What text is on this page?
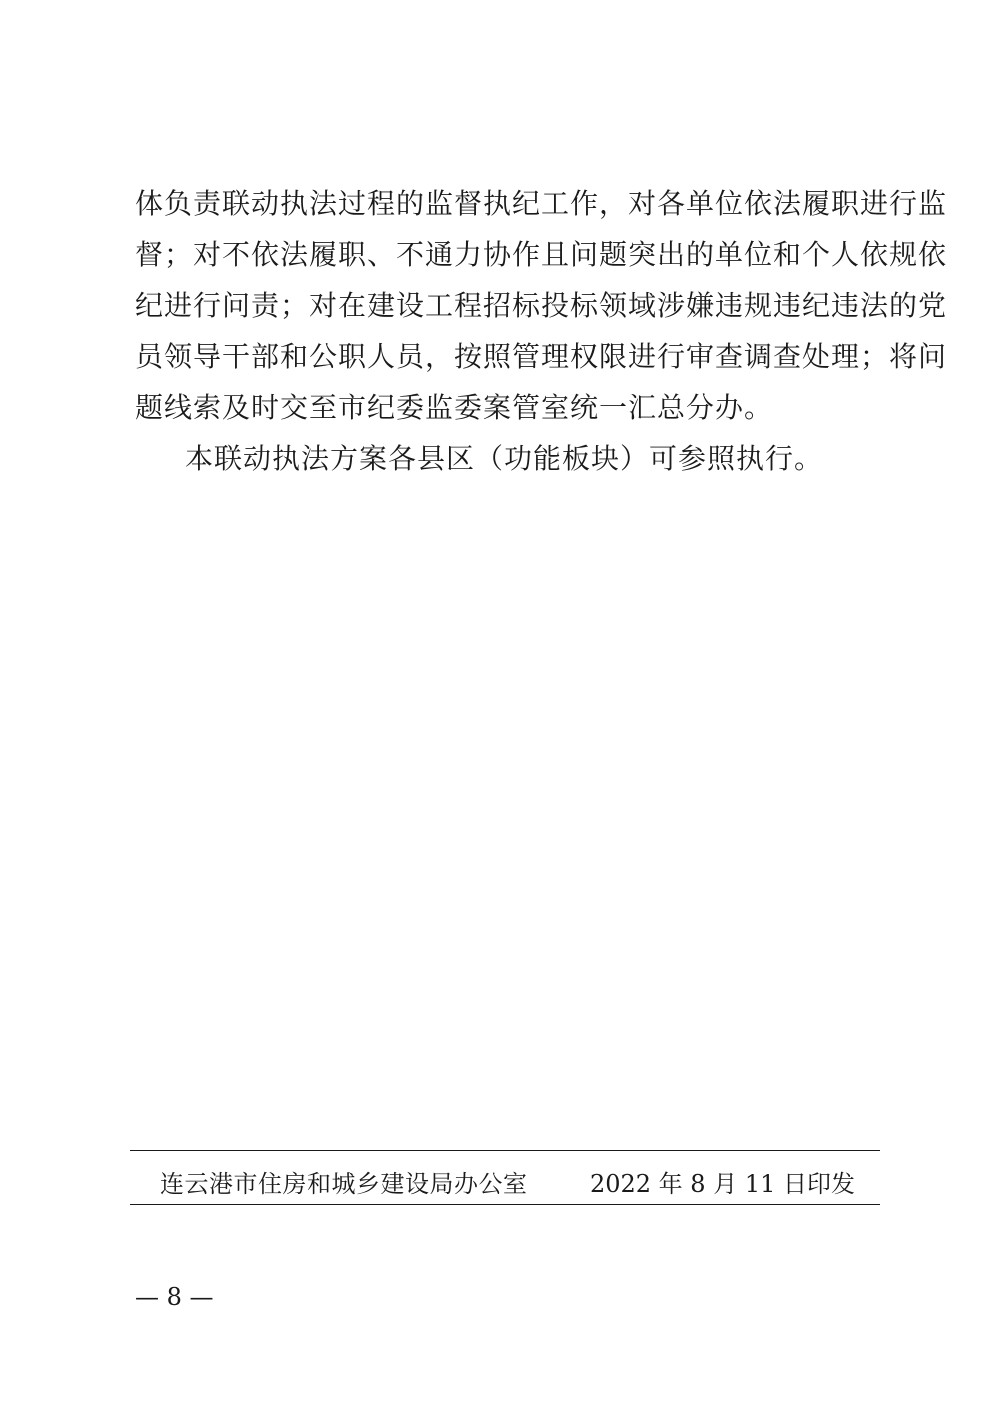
体负责联动执法过程的监督执纪工作，对各单位依法履职进行监
督；对不依法履职、不通力协作且问题突出的单位和个人依规依
纪进行问责；对在建设工程招标投标领域涉嫌违规违纪违法的党
员领导干部和公职人员，按照管理权限进行审查调查处理；将问
题线索及时交至市纪委监委案管室统一汇总分办。
本联动执法方案各县区（功能板块）可参照执行。
连云港市住房和城乡建设局办公室	2022 年 8 月 11 日印发
— 8 —
